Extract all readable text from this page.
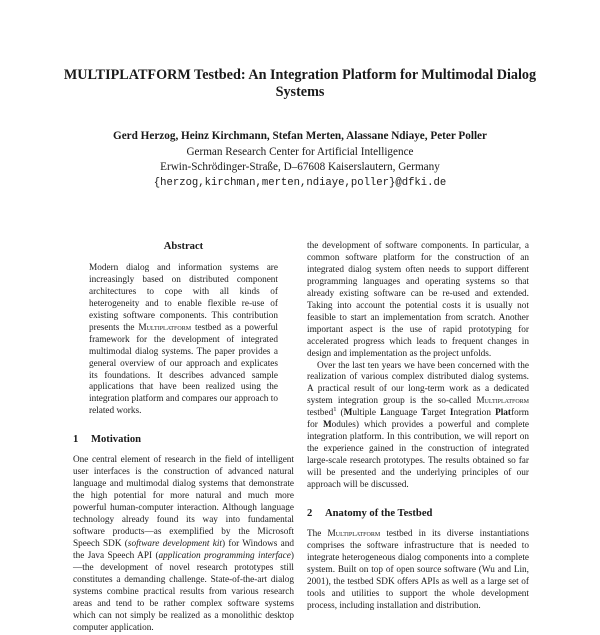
MULTIPLATFORM Testbed: An Integration Platform for Multimodal Dialog Systems
Gerd Herzog, Heinz Kirchmann, Stefan Merten, Alassane Ndiaye, Peter Poller
German Research Center for Artificial Intelligence
Erwin-Schrödinger-Straße, D–67608 Kaiserslautern, Germany
{herzog,kirchman,merten,ndiaye,poller}@dfki.de
Abstract
Modern dialog and information systems are increasingly based on distributed component architectures to cope with all kinds of heterogeneity and to enable flexible re-use of existing software components. This contribution presents the Multiplatform testbed as a powerful framework for the development of integrated multimodal dialog systems. The paper provides a general overview of our approach and explicates its foundations. It describes advanced sample applications that have been realized using the integration platform and compares our approach to related works.
1 Motivation

One central element of research in the field of intelligent user interfaces is the construction of advanced natural language and multimodal dialog systems that demonstrate the high potential for more natural and much more powerful human-computer interaction. Although language technology already found its way into fundamental software products—as exemplified by the Microsoft Speech SDK (software development kit) for Windows and the Java Speech API (application programming interface)—the development of novel research prototypes still constitutes a demanding challenge. State-of-the-art dialog systems combine practical results from various research areas and tend to be rather complex software systems which can not simply be realized as a monolithic desktop computer application.

the development of software components. In particular, a common software platform for the construction of an integrated dialog system often needs to support different programming languages and operating systems so that already existing software can be re-used and extended. Taking into account the potential costs it is usually not feasible to start an implementation from scratch. Another important aspect is the use of rapid prototyping for accelerated progress which leads to frequent changes in design and implementation as the project unfolds.

Over the last ten years we have been concerned with the realization of various complex distributed dialog systems. A practical result of our long-term work as a dedicated system integration group is the so-called Multiplatform testbed$^1$ (Multiple Language Target Integration Platform for Modules) which provides a powerful and complete integration platform. In this contribution, we will report on the experience gained in the construction of integrated large-scale research prototypes. The results obtained so far will be presented and the underlying principles of our approach will be discussed.

2 Anatomy of the Testbed

The Multiplatform testbed in its diverse instantiations comprises the software infrastructure that is needed to integrate heterogeneous dialog components into a complete system. Built on top of open source software (Wu and Lin, 2001), the testbed SDK offers APIs as well as a large set of tools and utilities to support the whole development process, including installation and distribution.
